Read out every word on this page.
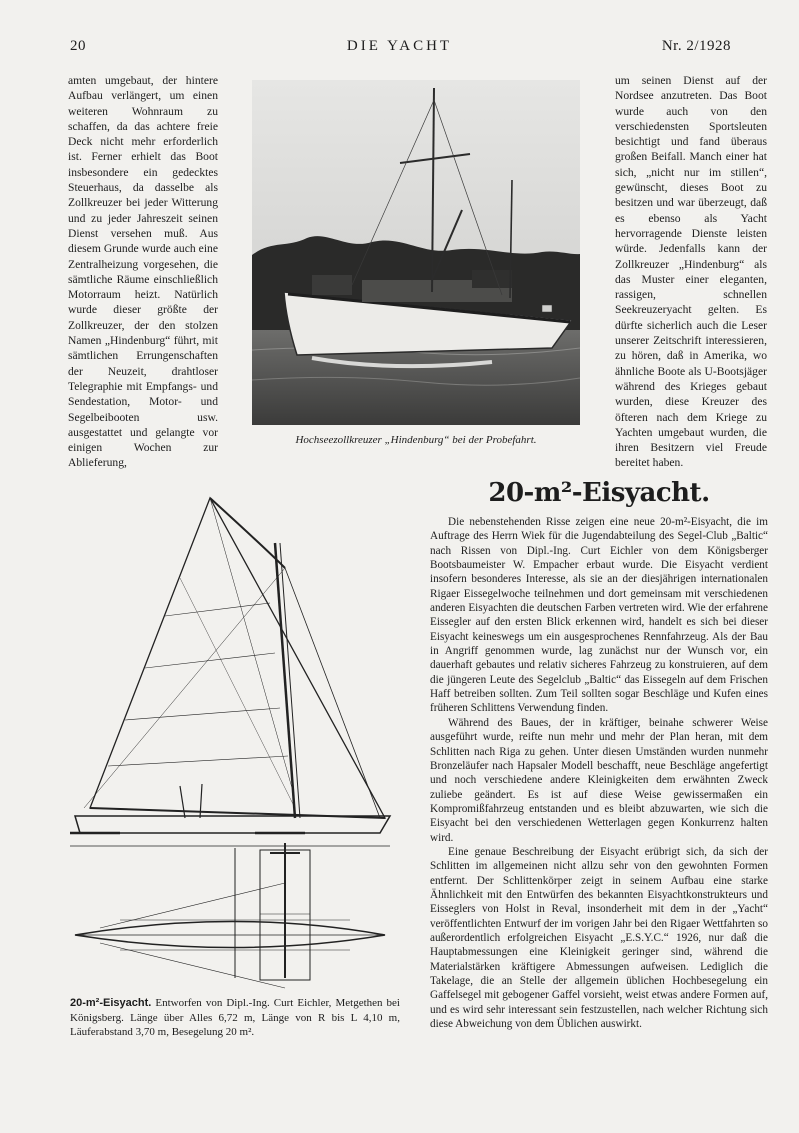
20	DIE YACHT	Nr. 2/1928

amten umgebaut, der hintere Aufbau verlängert, um einen weiteren Wohnraum zu schaffen, da das achtere freie Deck nicht mehr erforderlich ist. Ferner erhielt das Boot insbesondere ein gedecktes Steuerhaus, da dasselbe als Zollkreuzer bei jeder Witterung und zu jeder Jahreszeit seinen Dienst versehen muß. Aus diesem Grunde wurde auch eine Zentralheizung vorgesehen, die sämtliche Räume einschließlich Motorraum heizt. Natürlich wurde dieser größte der Zollkreuzer, der den stolzen Namen „Hindenburg“ führt, mit sämtlichen Errungenschaften der Neuzeit, drahtloser Telegraphie mit Empfangs- und Sendestation, Motor- und Segelbeibooten usw. ausgestattet und gelangte vor einigen Wochen zur Ablieferung,

Hochseezollkreuzer „Hindenburg“ bei der Probefahrt.

um seinen Dienst auf der Nordsee anzutreten. Das Boot wurde auch von den verschiedensten Sportsleuten besichtigt und fand überaus großen Beifall. Manch einer hat sich, „nicht nur im stillen“, gewünscht, dieses Boot zu besitzen und war überzeugt, daß es ebenso als Yacht hervorragende Dienste leisten würde. Jedenfalls kann der Zollkreuzer „Hindenburg“ als das Muster einer eleganten, rassigen, schnellen Seekreuzeryacht gelten. Es dürfte sicherlich auch die Leser unserer Zeitschrift interessieren, zu hören, daß in Amerika, wo ähnliche Boote als U-Bootsjäger während des Krieges gebaut wurden, diese Kreuzer des öfteren nach dem Kriege zu Yachten umgebaut wurden, die ihren Besitzern viel Freude bereitet haben.

20-m²-Eisyacht.

Die nebenstehenden Risse zeigen eine neue 20-m²-Eisyacht, die im Auftrage des Herrn Wiek für die Jugendabteilung des Segel-Club „Baltic“ nach Rissen von Dipl.-Ing. Curt Eichler von dem Königsberger Bootsbaumeister W. Empacher erbaut wurde. Die Eisyacht verdient insofern besonderes Interesse, als sie an der diesjährigen internationalen Rigaer Eissegelwoche teilnehmen und dort gemeinsam mit verschiedenen anderen Eisyachten die deutschen Farben vertreten wird. Wie der erfahrene Eissegler auf den ersten Blick erkennen wird, handelt es sich bei dieser Eisyacht keineswegs um ein ausgesprochenes Rennfahrzeug. Als der Bau in Angriff genommen wurde, lag zunächst nur der Wunsch vor, ein dauerhaft gebautes und relativ sicheres Fahrzeug zu konstruieren, auf dem die jüngeren Leute des Segelclub „Baltic“ das Eissegeln auf dem Frischen Haff betreiben sollten. Zum Teil sollten sogar Beschläge und Kufen eines früheren Schlittens Verwendung finden.

Während des Baues, der in kräftiger, beinahe schwerer Weise ausgeführt wurde, reifte nun mehr und mehr der Plan heran, mit dem Schlitten nach Riga zu gehen. Unter diesen Umständen wurden nunmehr Bronzeläufer nach Hapsaler Modell beschafft, neue Beschläge angefertigt und noch verschiedene andere Kleinigkeiten dem erwähnten Zweck zuliebe geändert. Es ist auf diese Weise gewissermaßen ein Kompromißfahrzeug entstanden und es bleibt abzuwarten, wie sich die Eisyacht bei den verschiedenen Wetterlagen gegen Konkurrenz halten wird.

Eine genaue Beschreibung der Eisyacht erübrigt sich, da sich der Schlitten im allgemeinen nicht allzu sehr von den gewohnten Formen entfernt. Der Schlittenkörper zeigt in seinem Aufbau eine starke Ähnlichkeit mit den Entwürfen des bekannten Eisyachtkonstrukteurs und Eisseglers von Holst in Reval, insonderheit mit dem in der „Yacht“ veröffentlichten Entwurf der im vorigen Jahr bei den Rigaer Wettfahrten so außerordentlich erfolgreichen Eisyacht „E.S.Y.C.“ 1926, nur daß die Hauptabmessungen eine Kleinigkeit geringer sind, während die Materialstärken kräftigere Abmessungen aufweisen. Lediglich die Takelage, die an Stelle der allgemein üblichen Hochbesegelung ein Gaffelsegel mit gebogener Gaffel vorsieht, weist etwas andere Formen auf, und es wird sehr interessant sein festzustellen, nach welcher Richtung sich diese Abweichung von dem Üblichen auswirkt.

20-m²-Eisyacht. Entworfen von Dipl.-Ing. Curt Eichler, Metgethen bei Königsberg. Länge über Alles 6,72 m, Länge von R bis L 4,10 m, Läuferabstand 3,70 m, Besegelung 20 m².
